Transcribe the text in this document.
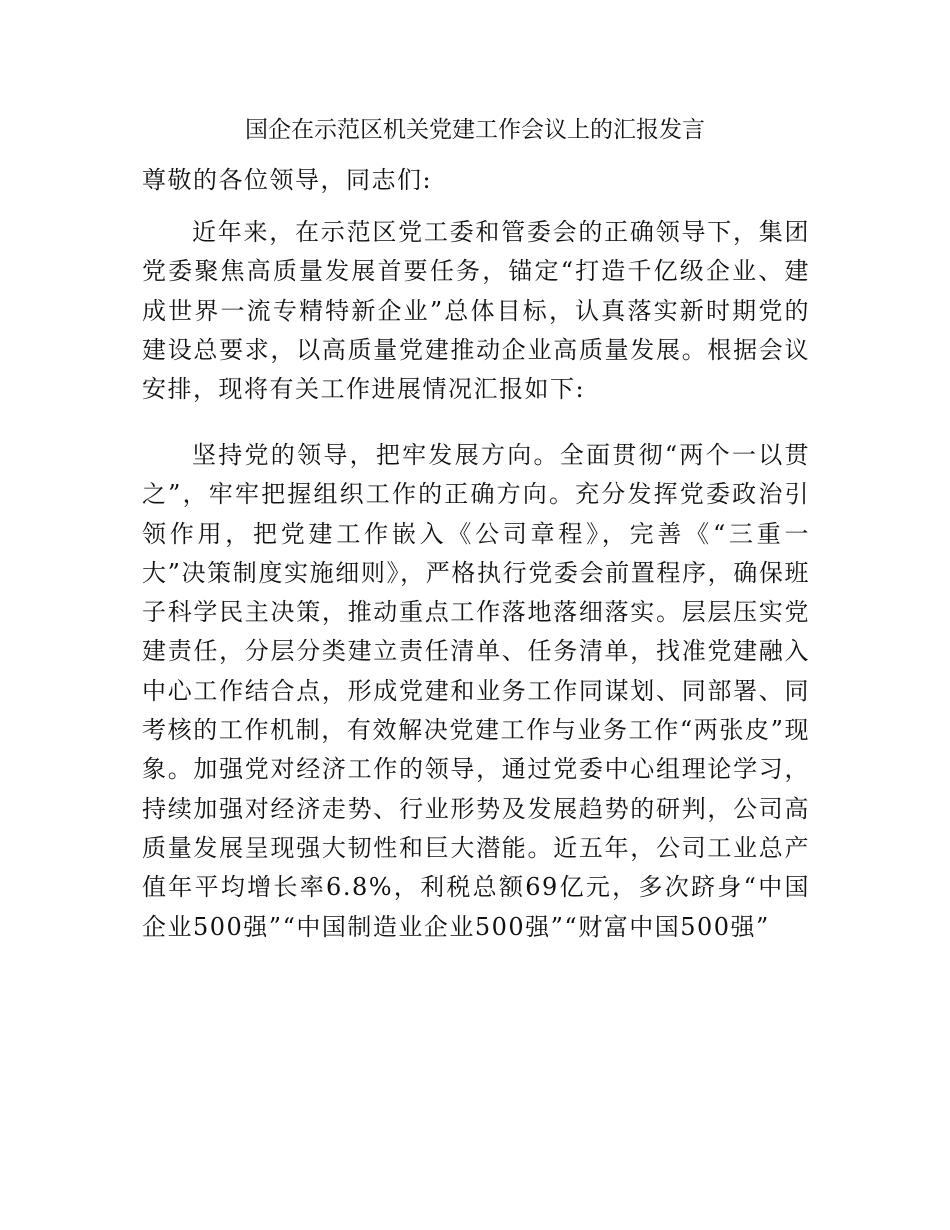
国企在示范区机关党建工作会议上的汇报发言

尊敬的各位领导，同志们:

近年来，在示范区党工委和管委会的正确领导下，集团党委聚焦高质量发展首要任务，锚定“打造千亿级企业、建成世界一流专精特新企业”总体目标，认真落实新时期党的建设总要求，以高质量党建推动企业高质量发展。根据会议安排，现将有关工作进展情况汇报如下:

坚持党的领导，把牢发展方向。全面贯彻“两个一以贯之”，牢牢把握组织工作的正确方向。充分发挥党委政治引领作用，把党建工作嵌入《公司章程》，完善《“三重一大”决策制度实施细则》，严格执行党委会前置程序，确保班子科学民主决策，推动重点工作落地落细落实。层层压实党建责任，分层分类建立责任清单、任务清单，找准党建融入中心工作结合点，形成党建和业务工作同谋划、同部署、同考核的工作机制，有效解决党建工作与业务工作“两张皮”现象。加强党对经济工作的领导，通过党委中心组理论学习，持续加强对经济走势、行业形势及发展趋势的研判，公司高质量发展呈现强大韧性和巨大潜能。近五年，公司工业总产值年平均增长率6.8%，利税总额69亿元，多次跻身“中国企业500强”“中国制造业企业500强”“财富中国500强”
